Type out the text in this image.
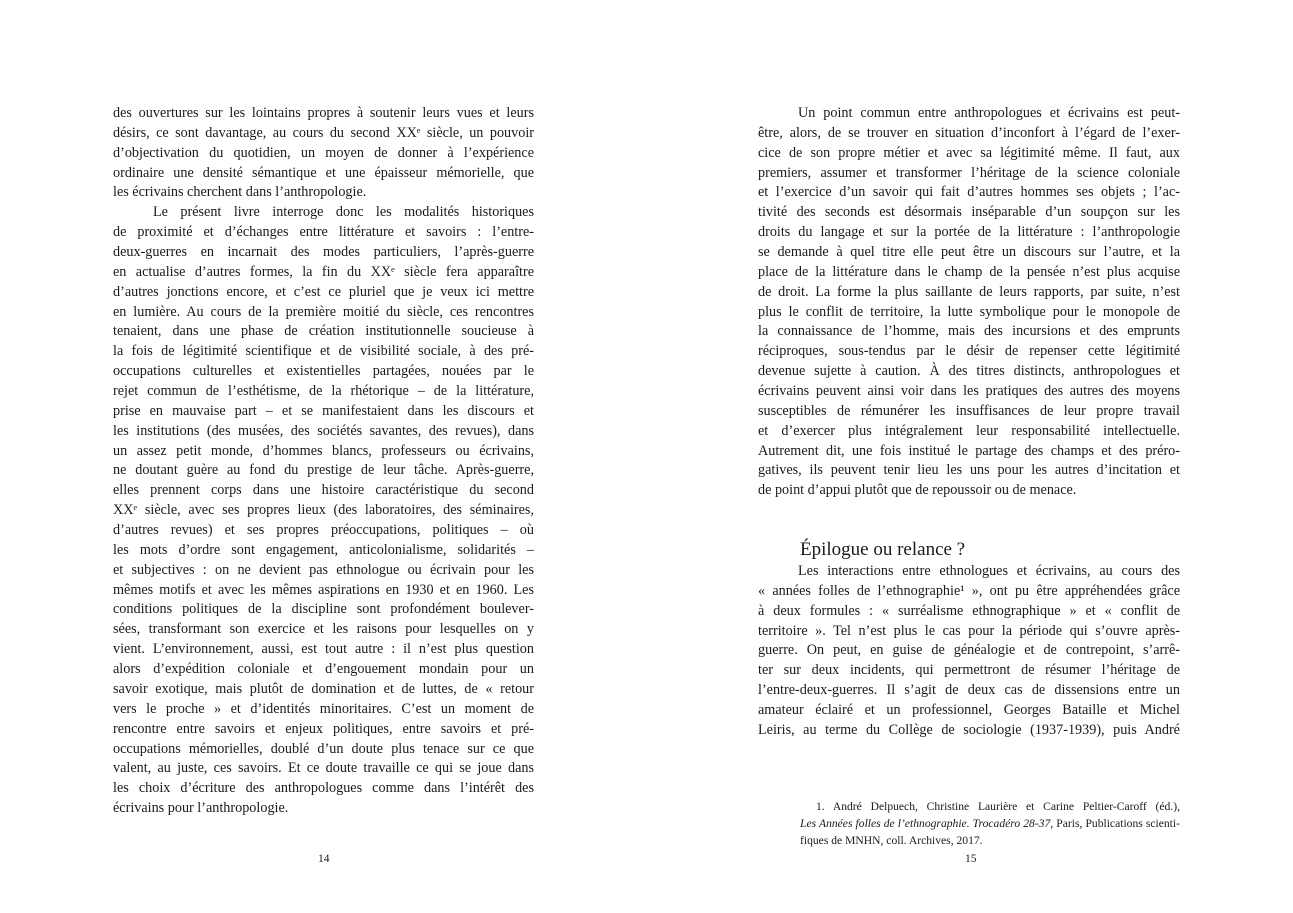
des ouvertures sur les lointains propres à soutenir leurs vues et leurs
désirs, ce sont davantage, au cours du second XXᵉ siècle, un pouvoir
d’objectivation du quotidien, un moyen de donner à l’expérience
ordinaire une densité sémantique et une épaisseur mémorielle, que
les écrivains cherchent dans l’anthropologie.
Le présent livre interroge donc les modalités historiques
de proximité et d’échanges entre littérature et savoirs : l’entre-
deux-guerres en incarnait des modes particuliers, l’après-guerre
en actualise d’autres formes, la fin du XXᵉ siècle fera apparaître
d’autres jonctions encore, et c’est ce pluriel que je veux ici mettre
en lumière. Au cours de la première moitié du siècle, ces rencontres
tenaient, dans une phase de création institutionnelle soucieuse à
la fois de légitimité scientifique et de visibilité sociale, à des pré-
occupations culturelles et existentielles partagées, nouées par le
rejet commun de l’esthétisme, de la rhétorique – de la littérature,
prise en mauvaise part – et se manifestaient dans les discours et
les institutions (des musées, des sociétés savantes, des revues), dans
un assez petit monde, d’hommes blancs, professeurs ou écrivains,
ne doutant guère au fond du prestige de leur tâche. Après-guerre,
elles prennent corps dans une histoire caractéristique du second
XXᵉ siècle, avec ses propres lieux (des laboratoires, des séminaires,
d’autres revues) et ses propres préoccupations, politiques – où
les mots d’ordre sont engagement, anticolonialisme, solidarités –
et subjectives : on ne devient pas ethnologue ou écrivain pour les
mêmes motifs et avec les mêmes aspirations en 1930 et en 1960. Les
conditions politiques de la discipline sont profondément boulever-
sées, transformant son exercice et les raisons pour lesquelles on y
vient. L’environnement, aussi, est tout autre : il n’est plus question
alors d’expédition coloniale et d’engouement mondain pour un
savoir exotique, mais plutôt de domination et de luttes, de « retour
vers le proche » et d’identités minoritaires. C’est un moment de
rencontre entre savoirs et enjeux politiques, entre savoirs et pré-
occupations mémorielles, doublé d’un doute plus tenace sur ce que
valent, au juste, ces savoirs. Et ce doute travaille ce qui se joue dans
les choix d’écriture des anthropologues comme dans l’intérêt des
écrivains pour l’anthropologie.
Un point commun entre anthropologues et écrivains est peut-
être, alors, de se trouver en situation d’inconfort à l’égard de l’exer-
cice de son propre métier et avec sa légitimité même. Il faut, aux
premiers, assumer et transformer l’héritage de la science coloniale
et l’exercice d’un savoir qui fait d’autres hommes ses objets ; l’ac-
tivité des seconds est désormais inséparable d’un soupçon sur les
droits du langage et sur la portée de la littérature : l’anthropologie
se demande à quel titre elle peut être un discours sur l’autre, et la
place de la littérature dans le champ de la pensée n’est plus acquise
de droit. La forme la plus saillante de leurs rapports, par suite, n’est
plus le conflit de territoire, la lutte symbolique pour le monopole de
la connaissance de l’homme, mais des incursions et des emprunts
réciproques, sous-tendus par le désir de repenser cette légitimité
devenue sujette à caution. À des titres distincts, anthropologues et
écrivains peuvent ainsi voir dans les pratiques des autres des moyens
susceptibles de rémunérer les insuffisances de leur propre travail
et d’exercer plus intégralement leur responsabilité intellectuelle.
Autrement dit, une fois institué le partage des champs et des préro-
gatives, ils peuvent tenir lieu les uns pour les autres d’incitation et
de point d’appui plutôt que de repoussoir ou de menace.
Épilogue ou relance ?
Les interactions entre ethnologues et écrivains, au cours des
« années folles de l’ethnographie¹ », ont pu être appréhendées grâce
à deux formules : « surréalisme ethnographique » et « conflit de
territoire ». Tel n’est plus le cas pour la période qui s’ouvre après-
guerre. On peut, en guise de généalogie et de contrepoint, s’arrê-
ter sur deux incidents, qui permettront de résumer l’héritage de
l’entre-deux-guerres. Il s’agit de deux cas de dissensions entre un
amateur éclairé et un professionnel, Georges Bataille et Michel
Leiris, au terme du Collège de sociologie (1937-1939), puis André
1. André Delpuech, Christine Laurière et Carine Peltier-Caroff (éd.),
Les Années folles de l’ethnographie. Trocadéro 28-37, Paris, Publications scienti-
fiques de MNHN, coll. Archives, 2017.
14	15
